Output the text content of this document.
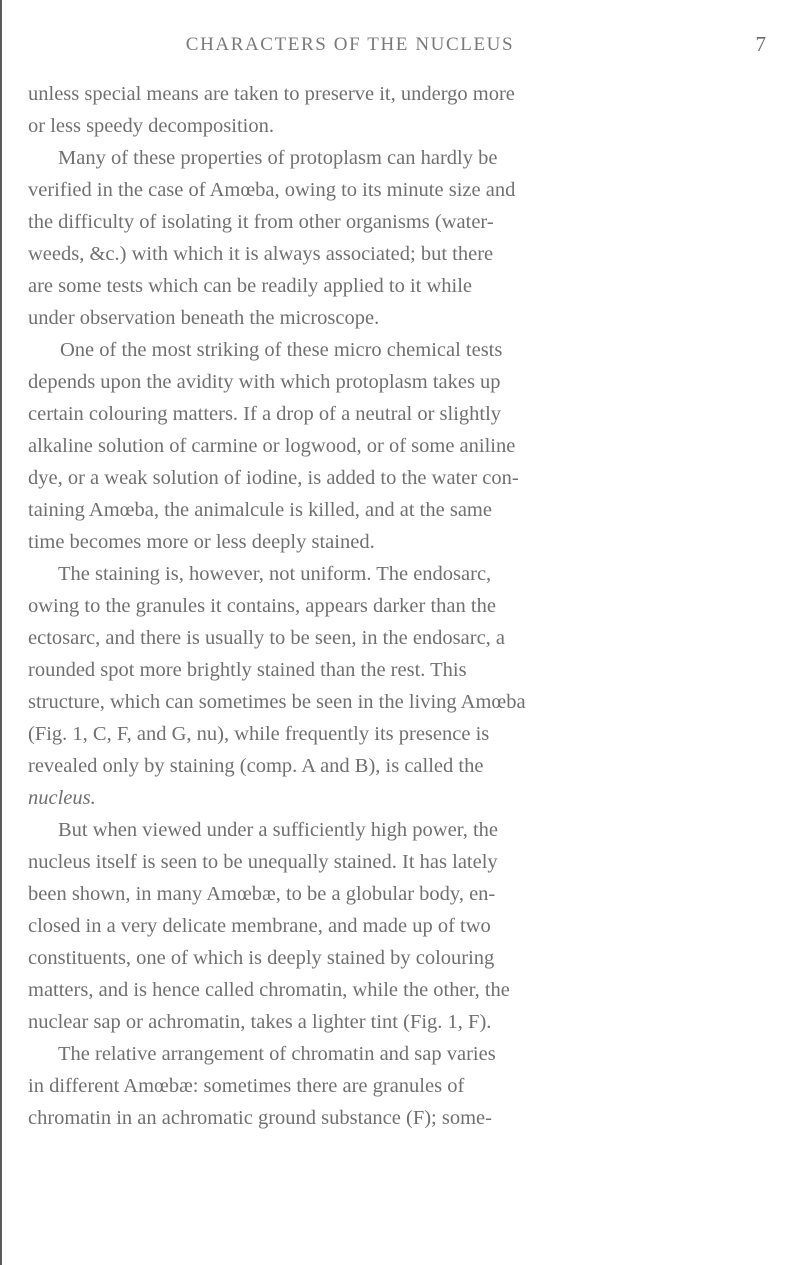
CHARACTERS OF THE NUCLEUS	7
unless special means are taken to preserve it, undergo more
or less speedy decomposition.
Many of these properties of protoplasm can hardly be
verified in the case of Amœba, owing to its minute size and
the difficulty of isolating it from other organisms (water-
weeds, &c.) with which it is always associated; but there
are some tests which can be readily applied to it while
under observation beneath the microscope.
One of the most striking of these micro chemical tests
depends upon the avidity with which protoplasm takes up
certain colouring matters. If a drop of a neutral or slightly
alkaline solution of carmine or logwood, or of some aniline
dye, or a weak solution of iodine, is added to the water con-
taining Amœba, the animalcule is killed, and at the same
time becomes more or less deeply stained.
The staining is, however, not uniform. The endosarc,
owing to the granules it contains, appears darker than the
ectosarc, and there is usually to be seen, in the endosarc, a
rounded spot more brightly stained than the rest. This
structure, which can sometimes be seen in the living Amœba
(Fig. 1, C, F, and G, nu), while frequently its presence is
revealed only by staining (comp. A and B), is called the
nucleus.
But when viewed under a sufficiently high power, the
nucleus itself is seen to be unequally stained. It has lately
been shown, in many Amœbæ, to be a globular body, en-
closed in a very delicate membrane, and made up of two
constituents, one of which is deeply stained by colouring
matters, and is hence called chromatin, while the other, the
nuclear sap or achromatin, takes a lighter tint (Fig. 1, F).
The relative arrangement of chromatin and sap varies
in different Amœbæ: sometimes there are granules of
chromatin in an achromatic ground substance (F); some-
